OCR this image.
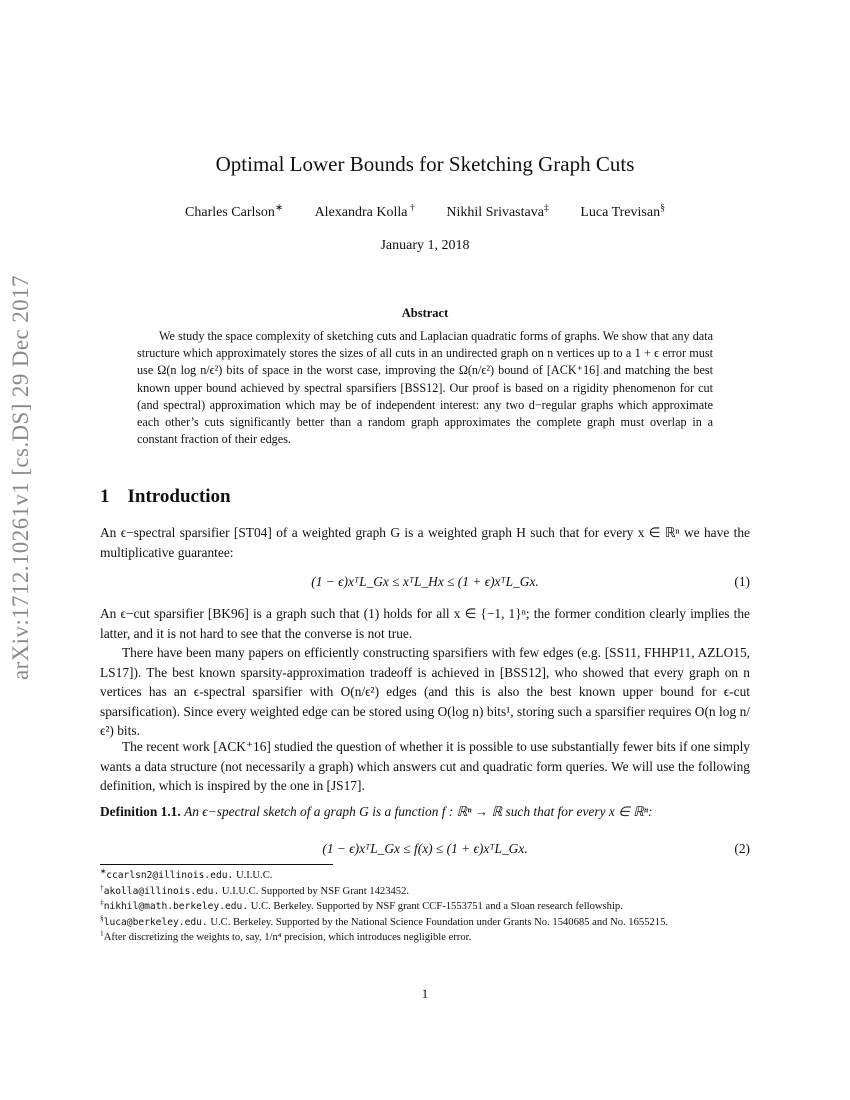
arXiv:1712.10261v1 [cs.DS] 29 Dec 2017
Optimal Lower Bounds for Sketching Graph Cuts
Charles Carlson∗ Alexandra Kolla † Nikhil Srivastava‡ Luca Trevisan§
January 1, 2018
Abstract
We study the space complexity of sketching cuts and Laplacian quadratic forms of graphs. We show that any data structure which approximately stores the sizes of all cuts in an undirected graph on n vertices up to a 1 + ϵ error must use Ω(n log n/ϵ²) bits of space in the worst case, improving the Ω(n/ϵ²) bound of [ACK⁺16] and matching the best known upper bound achieved by spectral sparsifiers [BSS12]. Our proof is based on a rigidity phenomenon for cut (and spectral) approximation which may be of independent interest: any two d−regular graphs which approximate each other’s cuts significantly better than a random graph approximates the complete graph must overlap in a constant fraction of their edges.
1 Introduction
An ϵ−spectral sparsifier [ST04] of a weighted graph G is a weighted graph H such that for every x ∈ ℝⁿ we have the multiplicative guarantee:
(1 − ϵ)xᵀL_Gx ≤ xᵀL_Hx ≤ (1 + ϵ)xᵀL_Gx.	(1)
An ϵ−cut sparsifier [BK96] is a graph such that (1) holds for all x ∈ {−1, 1}ⁿ; the former condition clearly implies the latter, and it is not hard to see that the converse is not true.
There have been many papers on efficiently constructing sparsifiers with few edges (e.g. [SS11, FHHP11, AZLO15, LS17]). The best known sparsity-approximation tradeoff is achieved in [BSS12], who showed that every graph on n vertices has an ϵ-spectral sparsifier with O(n/ϵ²) edges (and this is also the best known upper bound for ϵ-cut sparsification). Since every weighted edge can be stored using O(log n) bits¹, storing such a sparsifier requires O(n log n/ϵ²) bits.
The recent work [ACK⁺16] studied the question of whether it is possible to use substantially fewer bits if one simply wants a data structure (not necessarily a graph) which answers cut and quadratic form queries. We will use the following definition, which is inspired by the one in [JS17].
Definition 1.1. An ϵ−spectral sketch of a graph G is a function f : ℝⁿ → ℝ such that for every x ∈ ℝⁿ:
(1 − ϵ)xᵀL_Gx ≤ f(x) ≤ (1 + ϵ)xᵀL_Gx.	(2)
∗ccarlsn2@illinois.edu. U.I.U.C.
†akolla@illinois.edu. U.I.U.C. Supported by NSF Grant 1423452.
‡nikhil@math.berkeley.edu. U.C. Berkeley. Supported by NSF grant CCF-1553751 and a Sloan research fellowship.
§luca@berkeley.edu. U.C. Berkeley. Supported by the National Science Foundation under Grants No. 1540685 and No. 1655215.
$^1$After discretizing the weights to, say, 1/n⁴ precision, which introduces negligible error.
1
